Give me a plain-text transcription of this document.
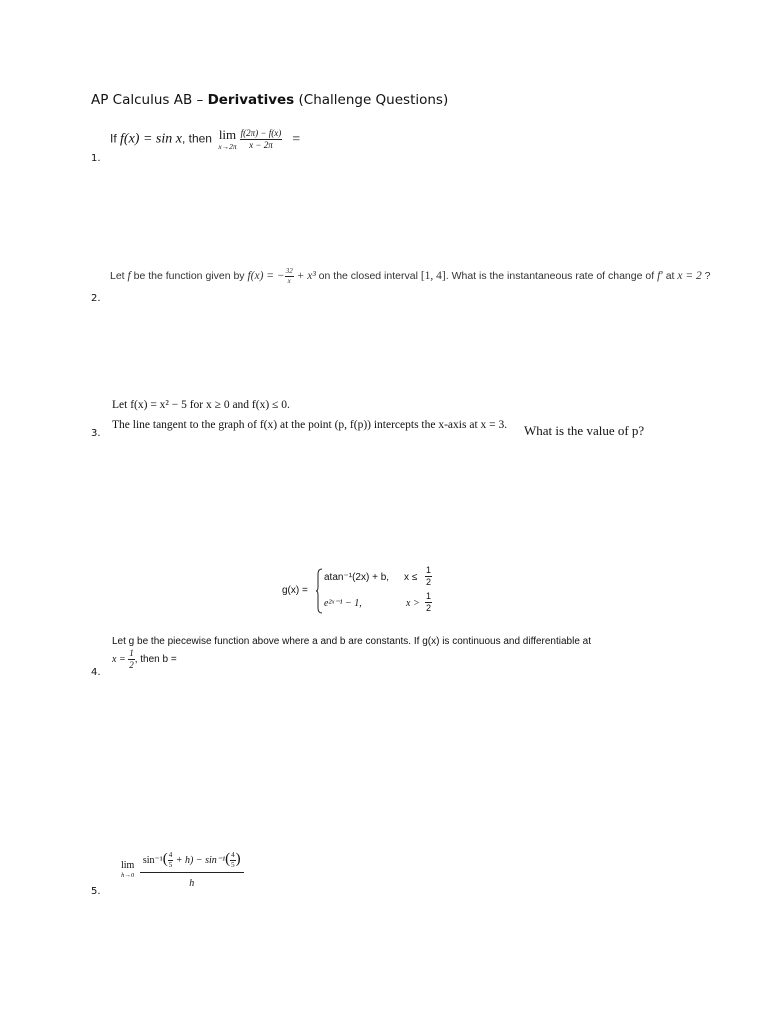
AP Calculus AB – Derivatives (Challenge Questions)
1.
If f(x) = sin x, then lim
$x\to 2\pi \frac{f(2\pi) - f(x)}{x - 2\pi}$ =
2.
Let f be the function given by f(x) = − $\frac{32}{x} + x^3$ on the closed interval [1, 4]. What is the instantaneous rate of change of f′ at x = 2 ?
3.
Let f(x) = x² − 5 for x ≥ 0 and f(x) ≤ 0.
The line tangent to the graph of f(x) at the point (p, f(p)) intercepts the x-axis at x = 3. What is the value of p?
4.
g(x) =
atan⁻¹(2x) + b, $x \le \frac{1}{2}$
e²ˣ⁻¹ − 1,	$x > \frac{1}{2}$
Let g be the piecewise function above where a and b are constants. If g(x) is continuous and differentiable at
$x = \frac{1}{2}$ , then b =
5.
lim
h→0
$\frac{\sin^{-1}( \frac{4}{5} + h) - \sin^{-1}( \frac{4}{5} )}{h}$
